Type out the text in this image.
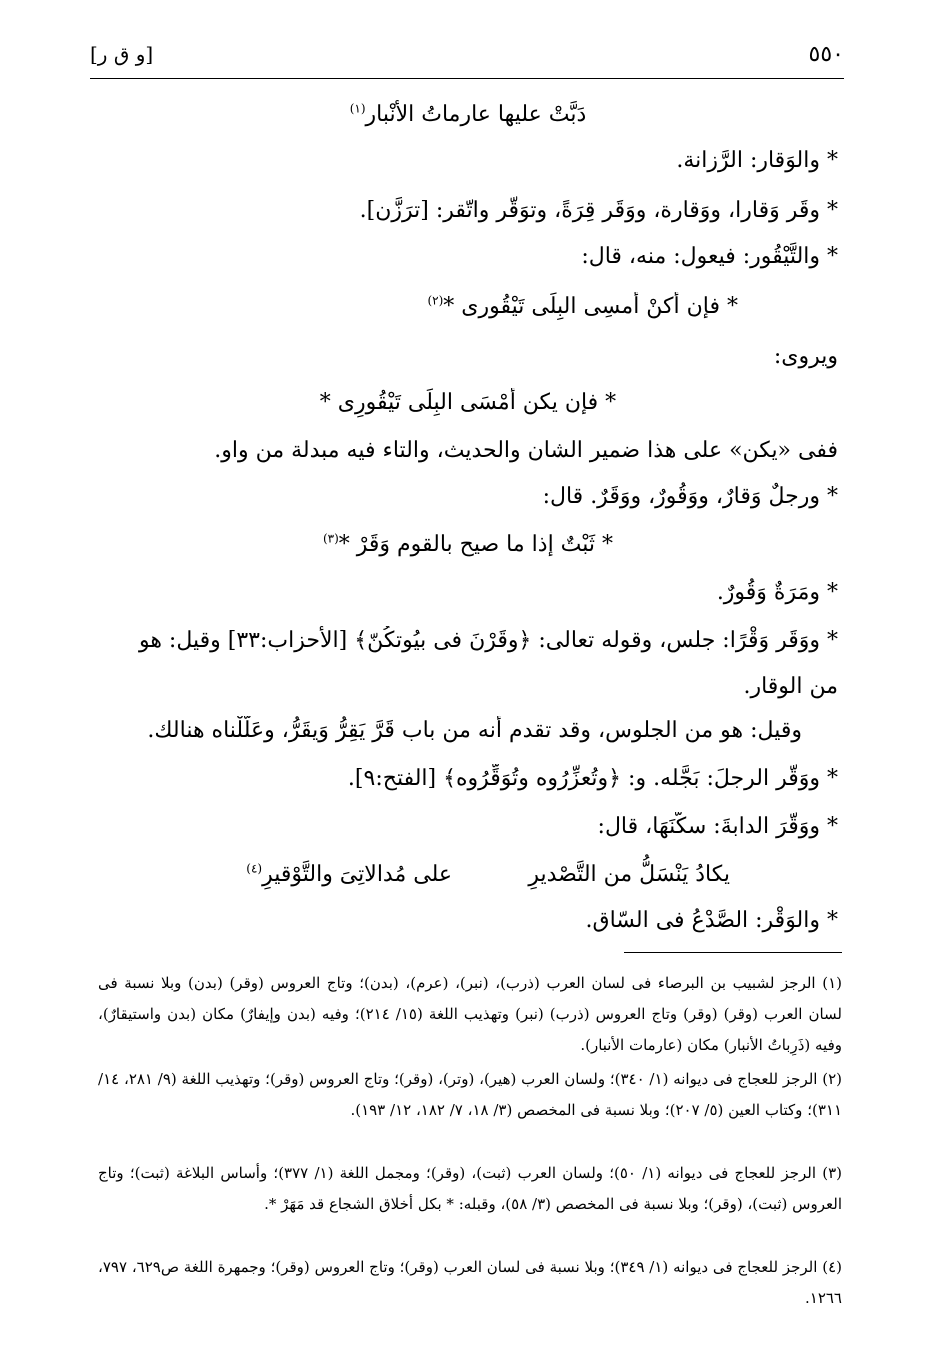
٥٥٠
[و ق ر]
دَبَّتْ عليها عارماتُ الأنْبار$^{(١)}$
* والوَقار: الرَّزانة.
* وقَر وَقارا، ووَقارة، ووَقَر قِرَةً، وتوَقَّر واتّقر: [ترَزَّن].
* والتَّيْقُور: فيعول: منه، قال:
* فإن أكنْ أُمسِى البِلَى تَيْقُورى *$^{(٢)}$
ويروى:
* فإن يكن أَمْسَى البِلَى تَيْقُورِى *
ففى «يكن» على هذا ضمير الشان والحديث، والتاء فيه مبدلة من واو.
* ورجلٌ وَقارٌ، ووَقُورٌ، ووَقَرٌ. قال:
* ثَبْتٌ إذا ما صيح بالقوم وَقَرْ *$^{(٣)}$
* ومَرَةٌ وَقُورٌ.
* ووَقَر وَقْرًا: جلس، وقوله تعالى: ﴿وقَرْنَ فى بيُوتكُنّ﴾ [الأحزاب:٣٣] وقيل: هو
من الوقار.
وقيل: هو من الجلوس، وقد تقدم أنه من باب قَرَّ يَقِرُّ وَيقَرُّ، وعَلَّلْناه هنالك.
* ووَقَّر الرجلَ: بَجَّله. و: ﴿وتُعزِّرُوه وتُوَقِّرُوه﴾ [الفتح:٩].
* ووَقَّرَ الدابةَ: سكَّنَهَا، قال:
يكادُ يَنْسَلُّ من التَّصْديرِ
على مُدالاتِىَ والتَّوْقيرِ$^{(٤)}$
* والوَقْر: الصَّدْعُ فى السّاق.

(١) الرجز لشبيب بن البرصاء فى لسان العرب (ذرب)، (نبر)، (عرم)، (بدن)؛ وتاج العروس (وقر) (بدن) وبلا نسبة فى لسان العرب (وقر) (وقر) وتاج العروس (ذرب) (نبر) وتهذيب اللغة (١٥/ ٢١٤)؛ وفيه (بدن وإيفارٌ) مكان (بدن واستيقارٌ)، وفيه (ذَرِباتُ الأنبار) مكان (عارمات الأنبار).

(٢) الرجز للعجاج فى ديوانه (١/ ٣٤٠)؛ ولسان العرب (هير)، (وتر)، (وقر)؛ وتاج العروس (وقر)؛ وتهذيب اللغة (٩/ ٢٨١، ١٤/ ٣١١)؛ وكتاب العين (٥/ ٢٠٧)؛ وبلا نسبة فى المخصص (٣/ ١٨، ٧/ ١٨٢، ١٢/ ١٩٣).

(٣) الرجز للعجاج فى ديوانه (١/ ٥٠)؛ ولسان العرب (ثبت)، (وقر)؛ ومجمل اللغة (١/ ٣٧٧)؛ وأساس البلاغة (ثبت)؛ وتاج العروس (ثبت)، (وقر)؛ وبلا نسبة فى المخصص (٣/ ٥٨)، وقبله: * بكل أخلاق الشجاع قد مَهَرْ *.

(٤) الرجز للعجاج فى ديوانه (١/ ٣٤٩)؛ وبلا نسبة فى لسان العرب (وقر)؛ وتاج العروس (وقر)؛ وجمهرة اللغة ص٦٢٩، ٧٩٧، ١٢٦٦.
